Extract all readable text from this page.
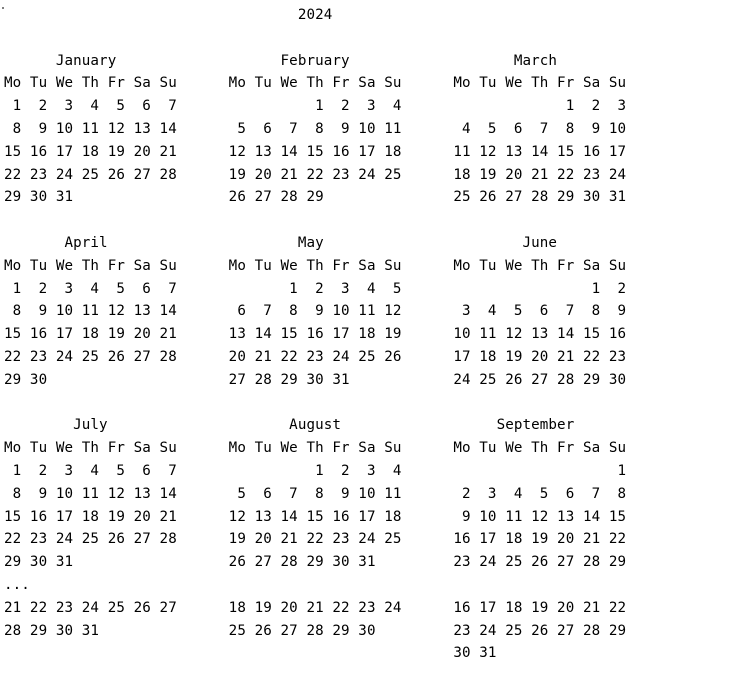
2024

January                   February                   March
Mo Tu We Th Fr Sa Su      Mo Tu We Th Fr Sa Su      Mo Tu We Th Fr Sa Su
1  2  3  4  5  6  7                1  2  3  4                   1  2  3
8  9 10 11 12 13 14       5  6  7  8  9 10 11       4  5  6  7  8  9 10
15 16 17 18 19 20 21      12 13 14 15 16 17 18      11 12 13 14 15 16 17
22 23 24 25 26 27 28      19 20 21 22 23 24 25      18 19 20 21 22 23 24
29 30 31                  26 27 28 29               25 26 27 28 29 30 31

April                      May                       June
Mo Tu We Th Fr Sa Su      Mo Tu We Th Fr Sa Su      Mo Tu We Th Fr Sa Su
1  2  3  4  5  6  7             1  2  3  4  5                      1  2
8  9 10 11 12 13 14       6  7  8  9 10 11 12       3  4  5  6  7  8  9
15 16 17 18 19 20 21      13 14 15 16 17 18 19      10 11 12 13 14 15 16
22 23 24 25 26 27 28      20 21 22 23 24 25 26      17 18 19 20 21 22 23
29 30                     27 28 29 30 31            24 25 26 27 28 29 30

July                     August                  September
Mo Tu We Th Fr Sa Su      Mo Tu We Th Fr Sa Su      Mo Tu We Th Fr Sa Su
1  2  3  4  5  6  7                1  2  3  4                         1
8  9 10 11 12 13 14       5  6  7  8  9 10 11       2  3  4  5  6  7  8
15 16 17 18 19 20 21      12 13 14 15 16 17 18       9 10 11 12 13 14 15
22 23 24 25 26 27 28      19 20 21 22 23 24 25      16 17 18 19 20 21 22
29 30 31                  26 27 28 29 30 31         23 24 25 26 27 28 29
...
21 22 23 24 25 26 27      18 19 20 21 22 23 24      16 17 18 19 20 21 22
28 29 30 31               25 26 27 28 29 30         23 24 25 26 27 28 29
30 31
